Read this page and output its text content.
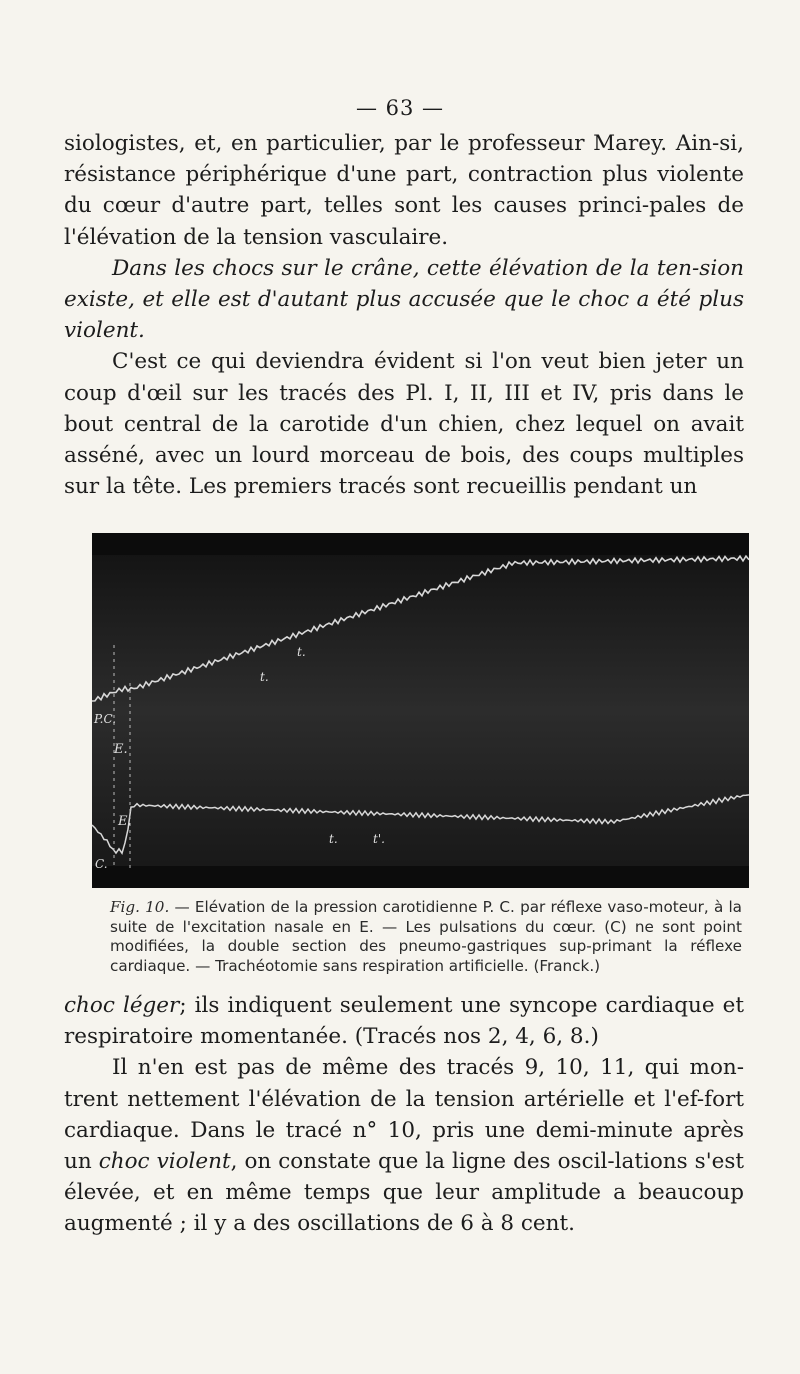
— 63 —

siologistes, et, en particulier, par le professeur Marey. Ain-si, résistance périphérique d'une part, contraction plus violente du cœur d'autre part, telles sont les causes princi-pales de l'élévation de la tension vasculaire.

Dans les chocs sur le crâne, cette élévation de la ten-sion existe, et elle est d'autant plus accusée que le choc a été plus violent.

C'est ce qui deviendra évident si l'on veut bien jeter un coup d'œil sur les tracés des Pl. I, II, III et IV, pris dans le bout central de la carotide d'un chien, chez lequel on avait asséné, avec un lourd morceau de bois, des coups multiples sur la tête. Les premiers tracés sont recueillis pendant un

P.C.
C.
E.
E.
t.
t.
t.	t'.
Fig. 10. — Elévation de la pression carotidienne P. C. par réflexe vaso-moteur, à la suite de l'excitation nasale en E. — Les pulsations du cœur. (C) ne sont point modifiées, la double section des pneumo-gastriques sup-primant la réflexe cardiaque. — Trachéotomie sans respiration artificielle. (Franck.)

choc léger; ils indiquent seulement une syncope cardiaque et respiratoire momentanée. (Tracés nos 2, 4, 6, 8.)

Il n'en est pas de même des tracés 9, 10, 11, qui mon-trent nettement l'élévation de la tension artérielle et l'ef-fort cardiaque. Dans le tracé n° 10, pris une demi-minute après un choc violent, on constate que la ligne des oscil-lations s'est élevée, et en même temps que leur amplitude a beaucoup augmenté ; il y a des oscillations de 6 à 8 cent.
